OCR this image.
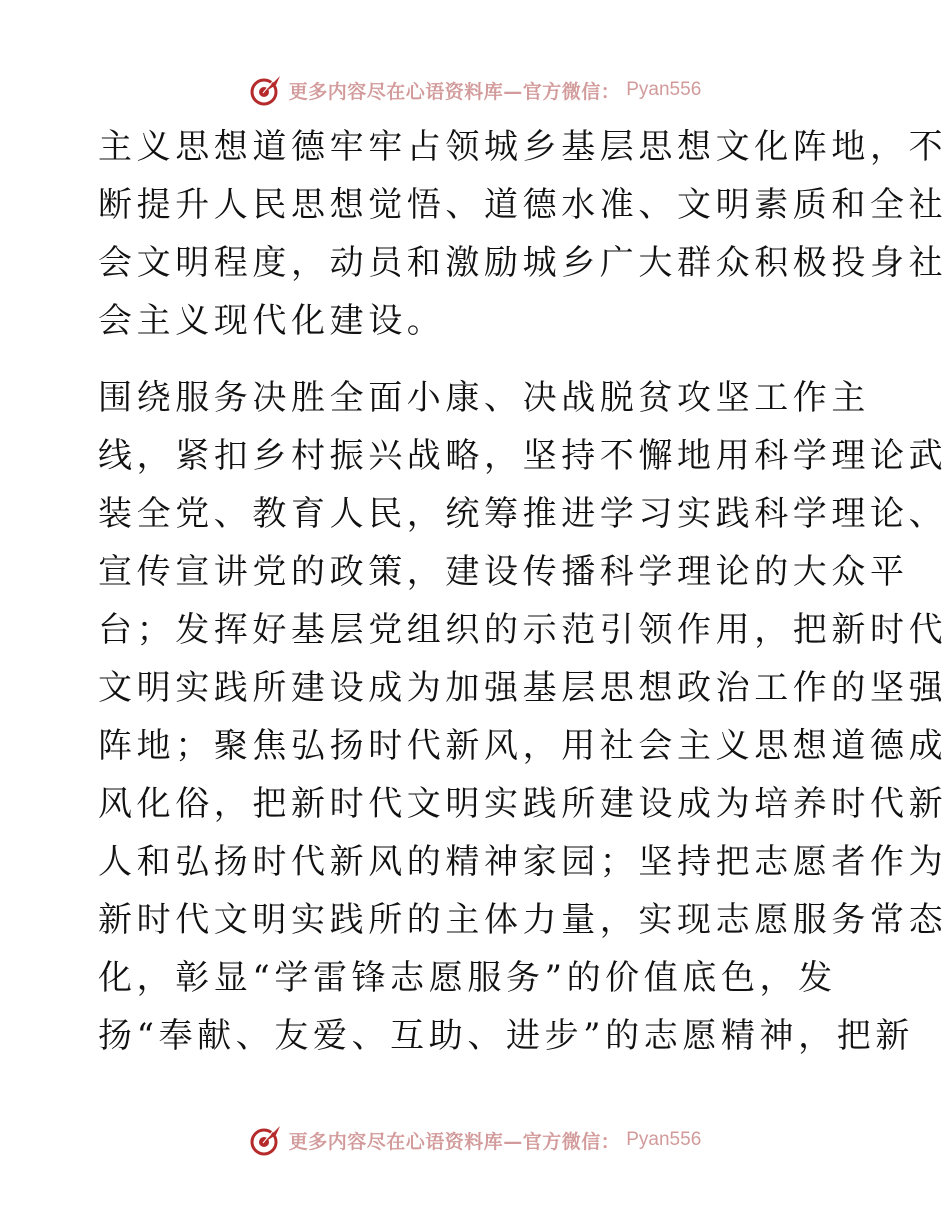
更多内容尽在心语资料库—官方微信： Pyan556
主义思想道德牢牢占领城乡基层思想文化阵地，不
断提升人民思想觉悟、道德水准、文明素质和全社
会文明程度，动员和激励城乡广大群众积极投身社
会主义现代化建设。
围绕服务决胜全面小康、决战脱贫攻坚工作主
线，紧扣乡村振兴战略，坚持不懈地用科学理论武
装全党、教育人民，统筹推进学习实践科学理论、
宣传宣讲党的政策，建设传播科学理论的大众平
台；发挥好基层党组织的示范引领作用，把新时代
文明实践所建设成为加强基层思想政治工作的坚强
阵地；聚焦弘扬时代新风，用社会主义思想道德成
风化俗，把新时代文明实践所建设成为培养时代新
人和弘扬时代新风的精神家园；坚持把志愿者作为
新时代文明实践所的主体力量，实现志愿服务常态
化，彰显“学雷锋志愿服务”的价值底色，发
扬“奉献、友爱、互助、进步”的志愿精神，把新
更多内容尽在心语资料库—官方微信： Pyan556
